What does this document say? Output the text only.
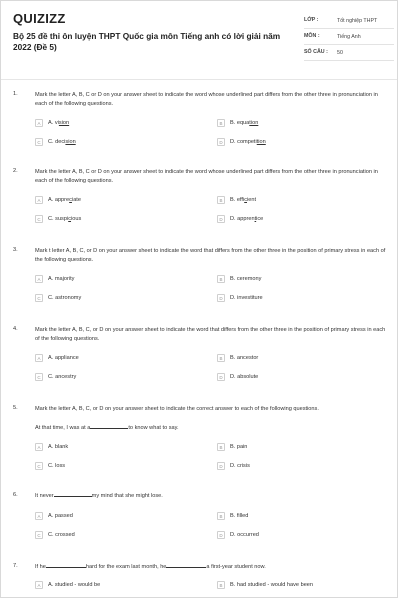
QUIZIZZ
Bộ 25 đề thi ôn luyện THPT Quốc gia môn Tiếng anh có lời giải năm 2022 (Đề 5)
LỚP :	Tốt nghiệp THPT
MÔN :	Tiếng Anh
SỐ CÂU :	50
1.	Mark the letter A, B, C or D on your answer sheet to indicate the word whose underlined part differs from the other three in pronunciation in each of the following questions.
A	A. vision	B	B. equation
C	C. decision	D	D. competition
2.	Mark the letter A, B, C or D on your answer sheet to indicate the word whose underlined part differs from the other three in pronunciation in each of the following questions.
A	A. appreciate	B	B. efficient
C	C. suspicious	D	D. apprentice
3.	Mark t letter A, B, C, or D on your answer sheet to indicate the word that differs from the other three in the position of primary stress in each of the following questions.
A	A. majority	B	B. ceremony
C	C. astronomy	D	D. investiture
4.	Mark the letter A, B, C, or D on your answer sheet to indicate the word that differs from the other three in the position of primary stress in each of the following questions.
A	A. appliance	B	B. ancestor
C	C. ancestry	D	D. absolute
5.	Mark the letter A, B, C, or D on your answer sheet to indicate the correct answer to each of the following questions.
At that time, I was at a	to know what to say.
A	A. blank	B	B. pain
C	C. loss	D	D. crisis
6.	It never	my mind that she might lose.
A	A. passed	B	B. filled
C	C. crossed	D	D. occurred
7.	If he	hard for the exam last month, he	a first-year student now.
A	A. studied - would be	B	B. had studied - would have been
